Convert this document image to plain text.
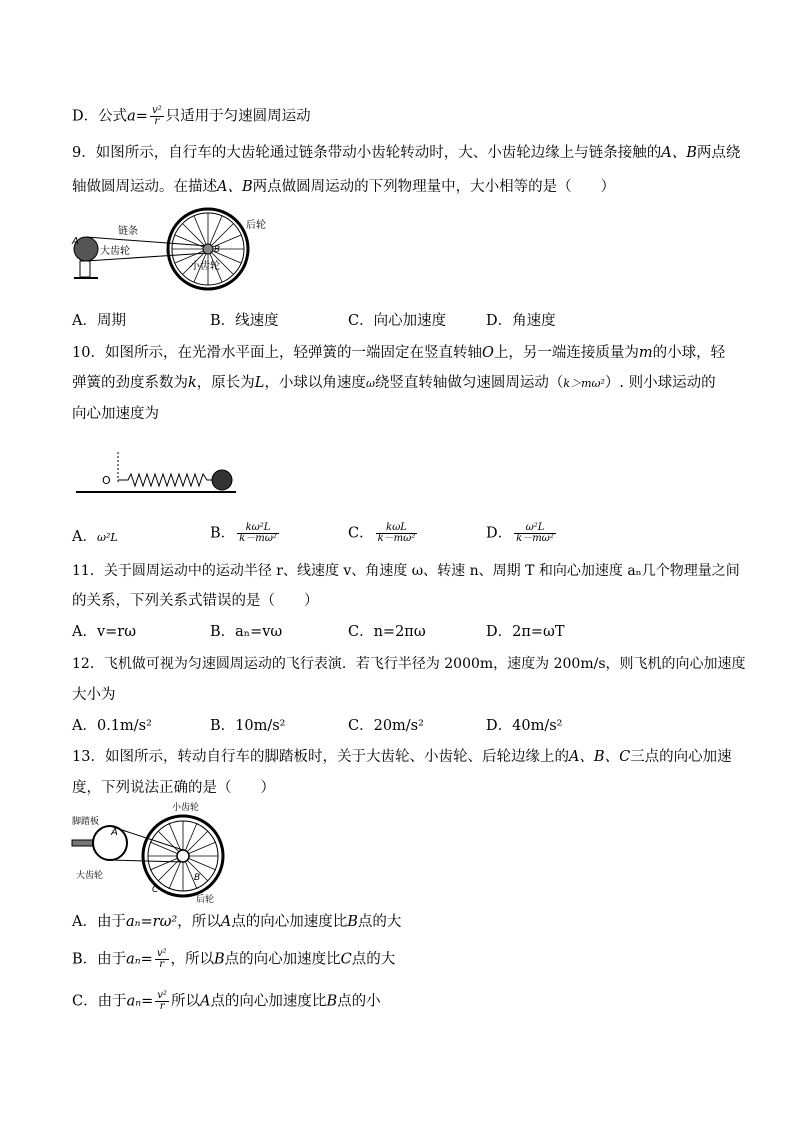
D．公式$a= \frac{\text{v²}}{r}$ 只适用于匀速圆周运动
9．如图所示，自行车的大齿轮通过链条带动小齿轮转动时，大、小齿轮边缘上与链条接触的A、B两点绕
轴做圆周运动。在描述A、B两点做圆周运动的下列物理量中，大小相等的是（　　）
A
链条
大齿轮	B
后轮
小齿轮
A．周期	B．线速度	C．向心加速度	D．角速度
10．如图所示，在光滑水平面上，轻弹簧的一端固定在竖直转轴O上，另一端连接质量为m的小球，轻
弹簧的劲度系数为k，原长为L，小球以角速度ω绕竖直转轴做匀速圆周运动（k＞mω²）. 则小球运动的
向心加速度为
O
A．ω²L	B． $\frac{\text{kω²L}}{\text{k－mω²}}$	C． $\frac{\text{kωL}}{\text{k－mω²}}$	D． $\frac{\text{ω²L}}{\text{k－mω²}}$
11．关于圆周运动中的运动半径 r、线速度 v、角速度 ω、转速 n、周期 T 和向心加速度 aₙ几个物理量之间
的关系，下列关系式错误的是（　　）
A．v=rω	B．aₙ=vω	C．n=2πω	D．2π=ωT
12．飞机做可视为匀速圆周运动的飞行表演．若飞行半径为 2000m，速度为 200m/s，则飞机的向心加速度
大小为
A．0.1m/s²	B．10m/s²	C．20m/s²	D．40m/s²
13．如图所示，转动自行车的脚踏板时，关于大齿轮、小齿轮、后轮边缘上的A、B、C三点的向心加速
度，下列说法正确的是（　　）
脚踏板
A
大齿轮
小齿轮
B
C
后轮
A．由于aₙ=rω²，所以A点的向心加速度比B点的大
B．由于$a_n= \frac{\text{v²}}{r}$ ，所以B点的向心加速度比C点的大
C．由于$a_n= \frac{\text{v²}}{r}$ 所以A点的向心加速度比B点的小
